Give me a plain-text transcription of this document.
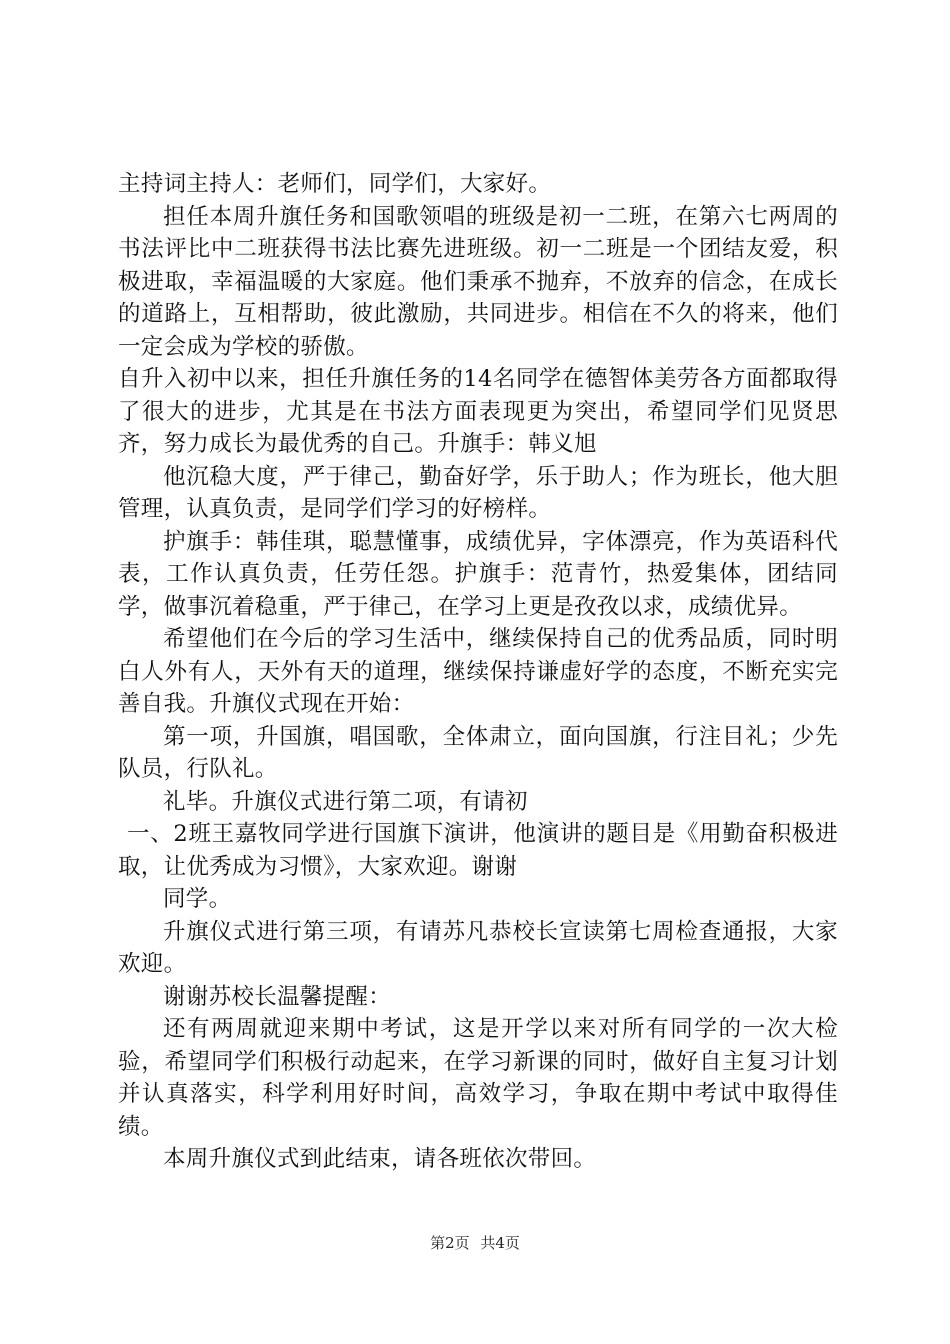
主持词主持人：老师们，同学们，大家好。

担任本周升旗任务和国歌领唱的班级是初一二班，在第六七两周的书法评比中二班获得书法比赛先进班级。初一二班是一个团结友爱，积极进取，幸福温暖的大家庭。他们秉承不抛弃，不放弃的信念，在成长的道路上，互相帮助，彼此激励，共同进步。相信在不久的将来，他们一定会成为学校的骄傲。

自升入初中以来，担任升旗任务的14名同学在德智体美劳各方面都取得了很大的进步，尤其是在书法方面表现更为突出，希望同学们见贤思齐，努力成长为最优秀的自己。升旗手：韩义旭

他沉稳大度，严于律己，勤奋好学，乐于助人；作为班长，他大胆管理，认真负责，是同学们学习的好榜样。

护旗手：韩佳琪，聪慧懂事，成绩优异，字体漂亮，作为英语科代表，工作认真负责，任劳任怨。护旗手：范青竹，热爱集体，团结同学，做事沉着稳重，严于律己，在学习上更是孜孜以求，成绩优异。

希望他们在今后的学习生活中，继续保持自己的优秀品质，同时明白人外有人，天外有天的道理，继续保持谦虚好学的态度，不断充实完善自我。升旗仪式现在开始：

第一项，升国旗，唱国歌，全体肃立，面向国旗，行注目礼；少先队员，行队礼。

礼毕。升旗仪式进行第二项，有请初

一、2班王嘉牧同学进行国旗下演讲，他演讲的题目是《用勤奋积极进取，让优秀成为习惯》，大家欢迎。谢谢

同学。

升旗仪式进行第三项，有请苏凡恭校长宣读第七周检查通报，大家欢迎。

谢谢苏校长温馨提醒：

还有两周就迎来期中考试，这是开学以来对所有同学的一次大检验，希望同学们积极行动起来，在学习新课的同时，做好自主复习计划并认真落实，科学利用好时间，高效学习，争取在期中考试中取得佳绩。

本周升旗仪式到此结束，请各班依次带回。

第2页 共4页
